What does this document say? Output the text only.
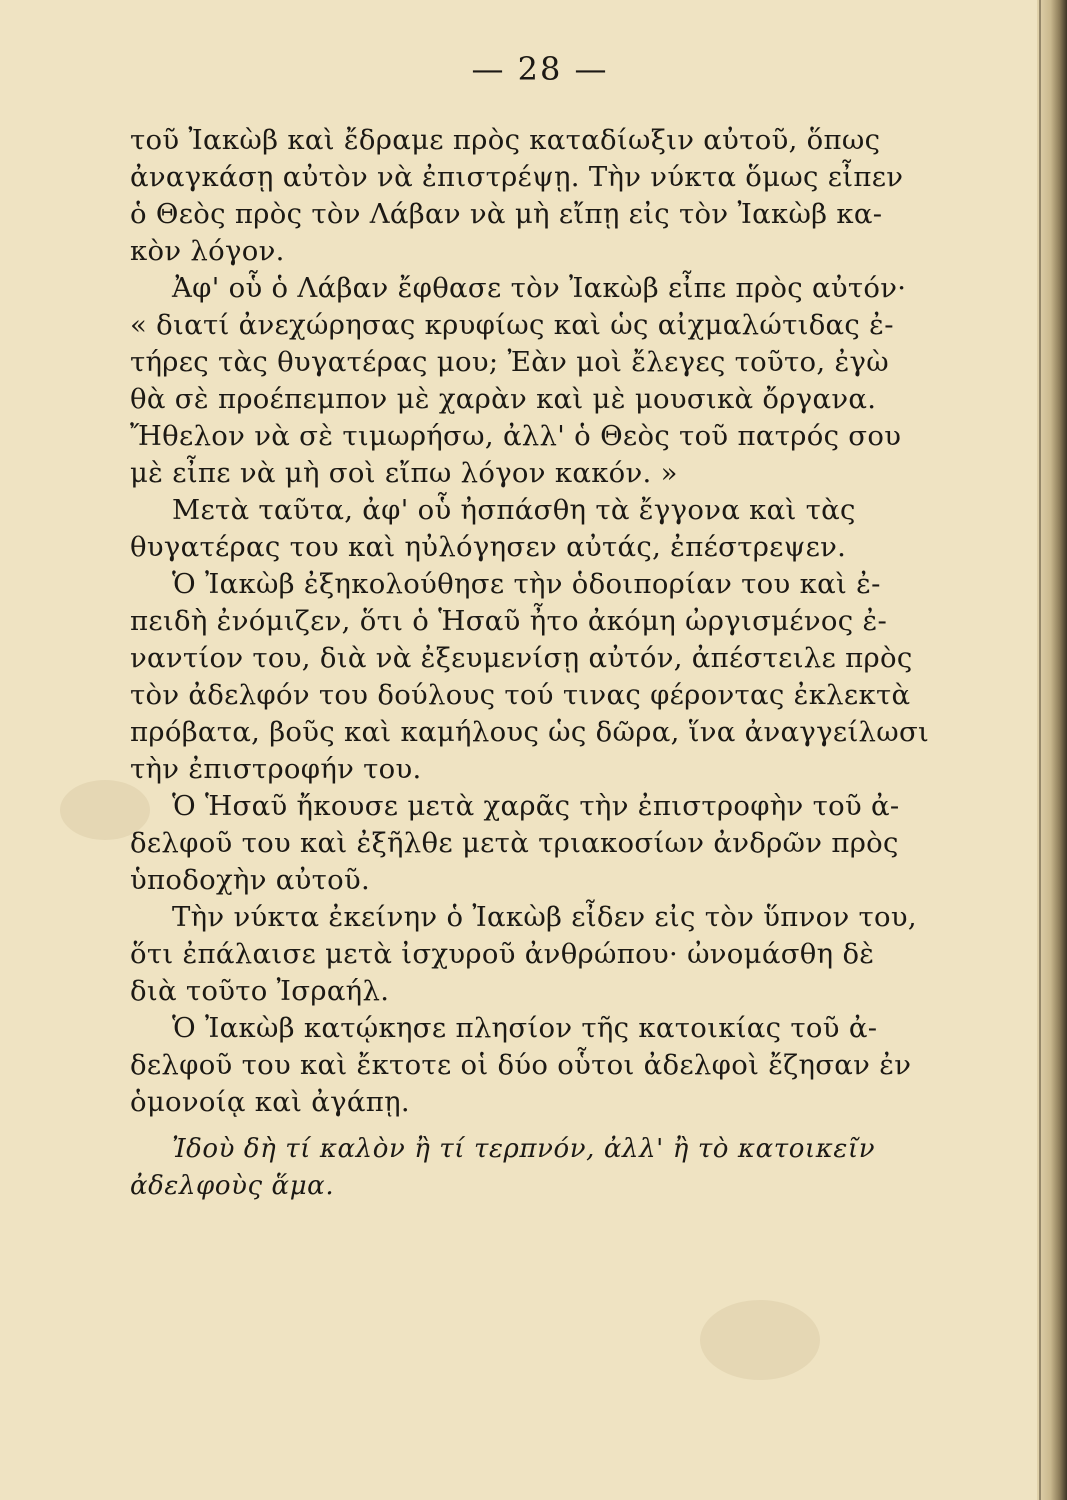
— 28 —
τοῦ Ἰακὼβ καὶ ἔδραμε πρὸς καταδίωξιν αὐτοῦ, ὅπως
ἀναγκάσῃ αὐτὸν νὰ ἐπιστρέψῃ. Τὴν νύκτα ὅμως εἶπεν
ὁ Θεὸς πρὸς τὸν Λάβαν νὰ μὴ εἴπῃ εἰς τὸν Ἰακὼβ κα-
κὸν λόγον.
Ἀφ' οὗ ὁ Λάβαν ἔφθασε τὸν Ἰακὼβ εἶπε πρὸς αὐτόν·
« διατί ἀνεχώρησας κρυφίως καὶ ὡς αἰχμαλώτιδας ἐ-
τήρες τὰς θυγατέρας μου; Ἐὰν μοὶ ἔλεγες τοῦτο, ἐγὼ
θὰ σὲ προέπεμπον μὲ χαρὰν καὶ μὲ μουσικὰ ὄργανα.
Ἤθελον νὰ σὲ τιμωρήσω, ἀλλ' ὁ Θεὸς τοῦ πατρός σου
μὲ εἶπε νὰ μὴ σοὶ εἴπω λόγον κακόν. »
Μετὰ ταῦτα, ἀφ' οὗ ἠσπάσθη τὰ ἔγγονα καὶ τὰς
θυγατέρας του καὶ ηὐλόγησεν αὐτάς, ἐπέστρεψεν.
Ὁ Ἰακὼβ ἐξηκολούθησε τὴν ὁδοιπορίαν του καὶ ἐ-
πειδὴ ἐνόμιζεν, ὅτι ὁ Ἡσαῦ ἦτο ἀκόμη ὠργισμένος ἐ-
ναντίον του, διὰ νὰ ἐξευμενίσῃ αὐτόν, ἀπέστειλε πρὸς
τὸν ἀδελφόν του δούλους τού τινας φέροντας ἐκλεκτὰ
πρόβατα, βοῦς καὶ καμήλους ὡς δῶρα, ἵνα ἀναγγείλωσι
τὴν ἐπιστροφήν του.
Ὁ Ἡσαῦ ἤκουσε μετὰ χαρᾶς τὴν ἐπιστροφὴν τοῦ ἀ-
δελφοῦ του καὶ ἐξῆλθε μετὰ τριακοσίων ἀνδρῶν πρὸς
ὑποδοχὴν αὐτοῦ.
Τὴν νύκτα ἐκείνην ὁ Ἰακὼβ εἶδεν εἰς τὸν ὕπνον του,
ὅτι ἐπάλαισε μετὰ ἰσχυροῦ ἀνθρώπου· ὠνομάσθη δὲ
διὰ τοῦτο Ἰσραήλ.
Ὁ Ἰακὼβ κατῴκησε πλησίον τῆς κατοικίας τοῦ ἀ-
δελφοῦ του καὶ ἔκτοτε οἱ δύο οὗτοι ἀδελφοὶ ἔζησαν ἐν
ὁμονοίᾳ καὶ ἀγάπῃ.
Ἰδοὺ δὴ τί καλὸν ἢ τί τερπνόν, ἀλλ' ἢ τὸ κατοικεῖν
ἀδελφοὺς ἅμα.
